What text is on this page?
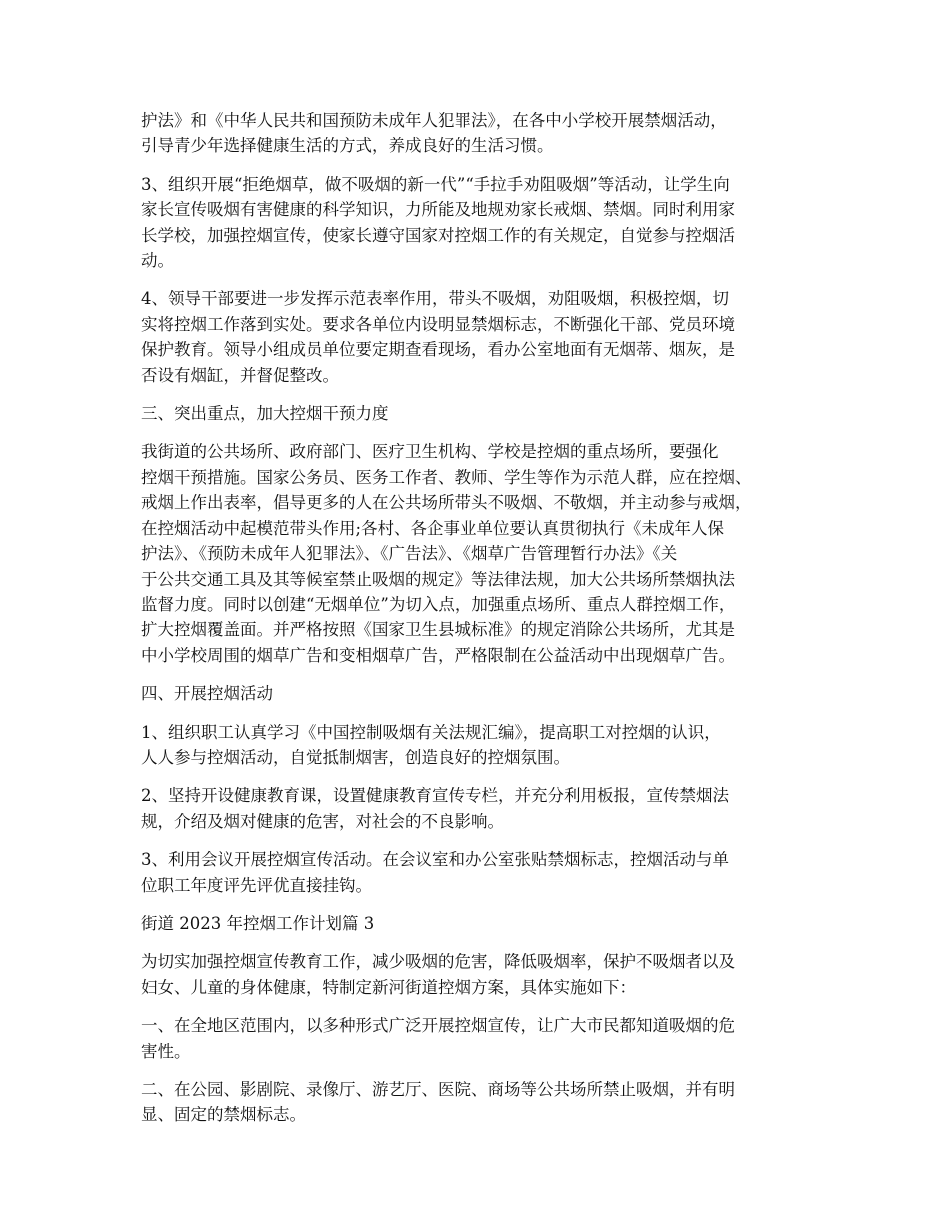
护法》和《中华人民共和国预防未成年人犯罪法》，在各中小学校开展禁烟活动，
引导青少年选择健康生活的方式，养成良好的生活习惯。

3、组织开展“拒绝烟草，做不吸烟的新一代”“手拉手劝阻吸烟”等活动，让学生向
家长宣传吸烟有害健康的科学知识，力所能及地规劝家长戒烟、禁烟。同时利用家
长学校，加强控烟宣传，使家长遵守国家对控烟工作的有关规定，自觉参与控烟活
动。

4、领导干部要进一步发挥示范表率作用，带头不吸烟，劝阻吸烟，积极控烟，切
实将控烟工作落到实处。要求各单位内设明显禁烟标志，不断强化干部、党员环境
保护教育。领导小组成员单位要定期查看现场，看办公室地面有无烟蒂、烟灰，是
否设有烟缸，并督促整改。

三、突出重点，加大控烟干预力度

我街道的公共场所、政府部门、医疗卫生机构、学校是控烟的重点场所，要强化
控烟干预措施。国家公务员、医务工作者、教师、学生等作为示范人群，应在控烟、
戒烟上作出表率，倡导更多的人在公共场所带头不吸烟、不敬烟，并主动参与戒烟，
在控烟活动中起模范带头作用;各村、各企事业单位要认真贯彻执行《未成年人保
护法》、《预防未成年人犯罪法》、《广告法》、《烟草广告管理暂行办法》《关
于公共交通工具及其等候室禁止吸烟的规定》等法律法规，加大公共场所禁烟执法
监督力度。同时以创建“无烟单位”为切入点，加强重点场所、重点人群控烟工作，
扩大控烟覆盖面。并严格按照《国家卫生县城标准》的规定消除公共场所，尤其是
中小学校周围的烟草广告和变相烟草广告，严格限制在公益活动中出现烟草广告。

四、开展控烟活动

1、组织职工认真学习《中国控制吸烟有关法规汇编》，提高职工对控烟的认识，
人人参与控烟活动，自觉抵制烟害，创造良好的控烟氛围。

2、坚持开设健康教育课，设置健康教育宣传专栏，并充分利用板报，宣传禁烟法
规，介绍及烟对健康的危害，对社会的不良影响。

3、利用会议开展控烟宣传活动。在会议室和办公室张贴禁烟标志，控烟活动与单
位职工年度评先评优直接挂钩。

街道 2023 年控烟工作计划篇 3

为切实加强控烟宣传教育工作，减少吸烟的危害，降低吸烟率，保护不吸烟者以及
妇女、儿童的身体健康，特制定新河街道控烟方案，具体实施如下：

一、在全地区范围内，以多种形式广泛开展控烟宣传，让广大市民都知道吸烟的危
害性。

二、在公园、影剧院、录像厅、游艺厅、医院、商场等公共场所禁止吸烟，并有明
显、固定的禁烟标志。
